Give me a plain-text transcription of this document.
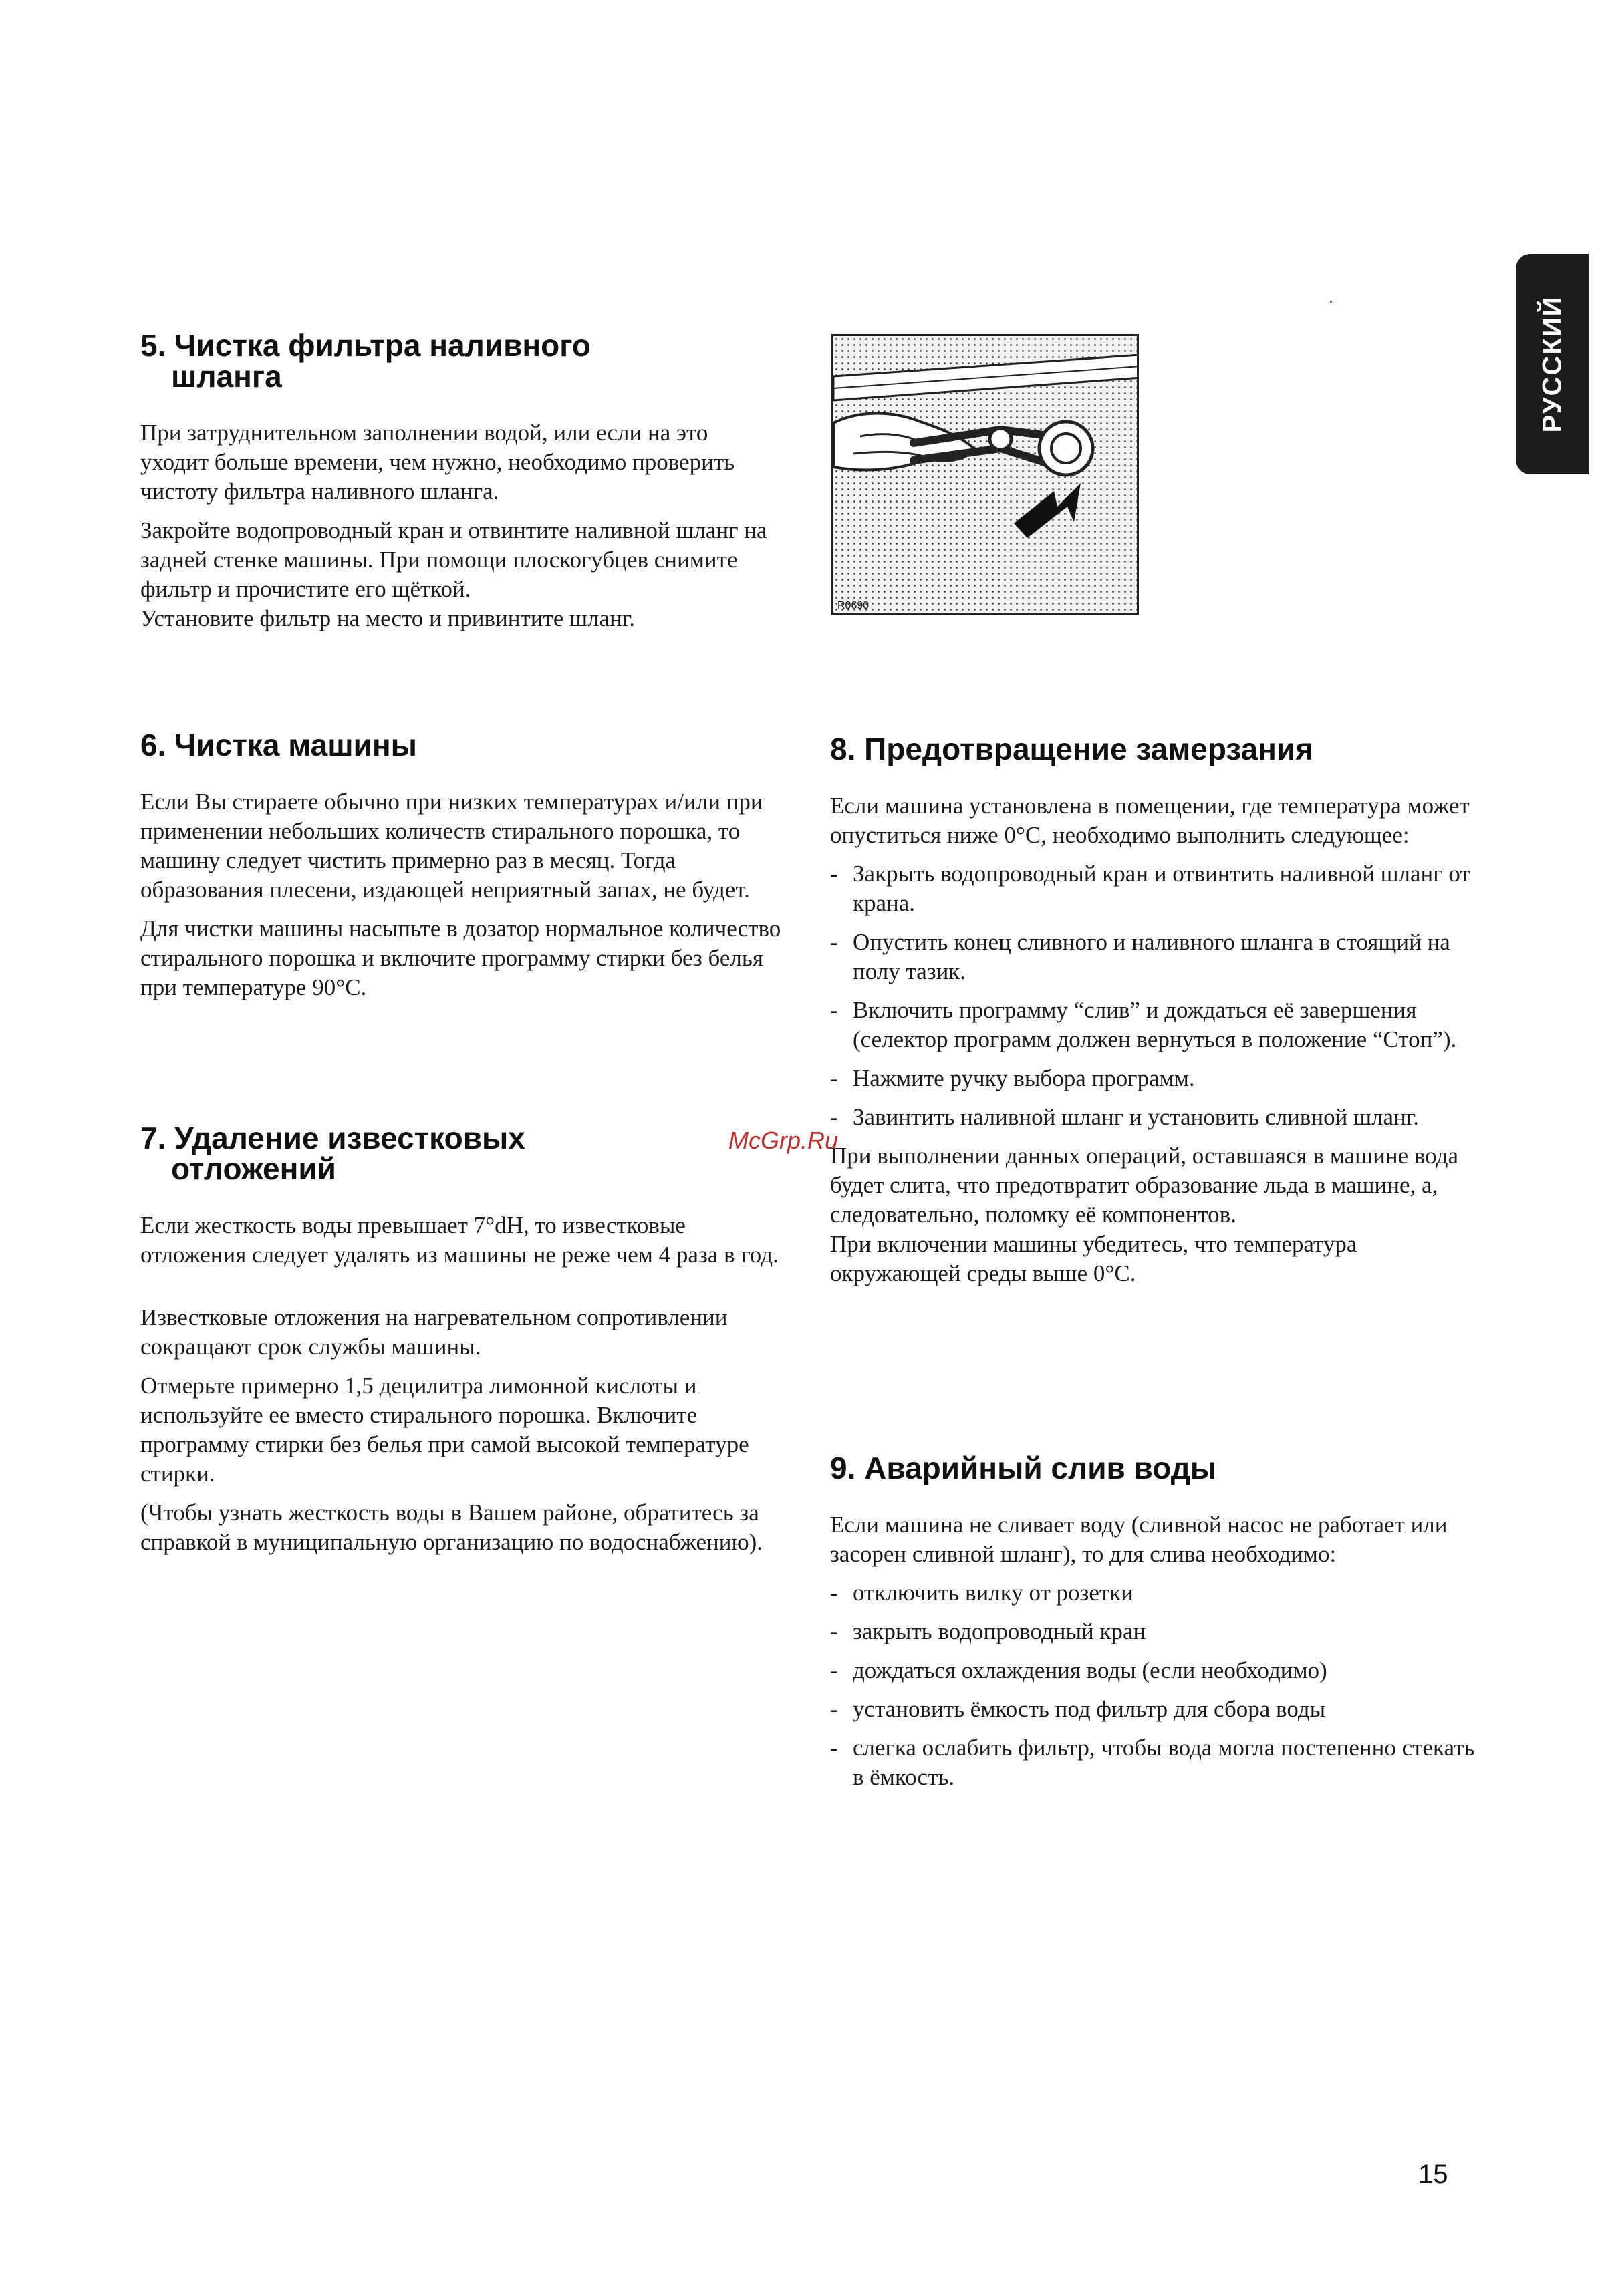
РУССКИЙ
5. Чистка фильтра наливного
шланга

При затруднительном заполнении водой, или если на это уходит больше времени, чем нужно, необходимо проверить чистоту фильтра наливного шланга.

Закройте водопроводный кран и отвинтите наливной шланг на задней стенке машины. При помощи плоскогубцев снимите фильтр и прочистите его щёткой.

Установите фильтр на место и привинтите шланг.

6. Чистка машины

Если Вы стираете обычно при низких температурах и/или при применении небольших количеств стирального порошка, то машину следует чистить примерно раз в месяц. Тогда образования плесени, издающей неприятный запах, не будет.

Для чистки машины насыпьте в дозатор нормальное количество стирального порошка и включите программу стирки без белья при температуре 90°С.

7. Удаление известковых
отложений

Если жесткость воды превышает 7°dH, то известковые отложения следует удалять из машины не реже чем 4 раза в год.

Известковые отложения на нагревательном сопротивлении сокращают срок службы машины.

Отмерьте примерно 1,5 децилитра лимонной кислоты и используйте ее вместо стирального порошка. Включите программу стирки без белья при самой высокой температуре стирки.

(Чтобы узнать жесткость воды в Вашем районе, обратитесь за справкой в муниципальную организацию по водоснабжению).

R0690
8. Предотвращение замерзания

Если машина установлена в помещении, где температура может опуститься ниже 0°С, необходимо выполнить следующее:

- Закрыть водопроводный кран и отвинтить наливной шланг от крана.
- Опустить конец сливного и наливного шланга в стоящий на полу тазик.
- Включить программу “слив” и дождаться её завершения (селектор программ должен вернуться в положение “Стоп”).
- Нажмите ручку выбора программ.
- Завинтить наливной шланг и установить сливной шланг.

При выполнении данных операций, оставшаяся в машине вода будет слита, что предотвратит образование льда в машине, а, следовательно, поломку её компонентов.

При включении машины убедитесь, что температура окружающей среды выше 0°С.

9. Аварийный слив воды

Если машина не сливает воду (сливной насос не работает или засорен сливной шланг), то для слива необходимо:

- отключить вилку от розетки
- закрыть водопроводный кран
- дождаться охлаждения воды (если необходимо)
- установить ёмкость под фильтр для сбора воды
- слегка ослабить фильтр, чтобы вода могла постепенно стекать в ёмкость.
McGrp.Ru
15
